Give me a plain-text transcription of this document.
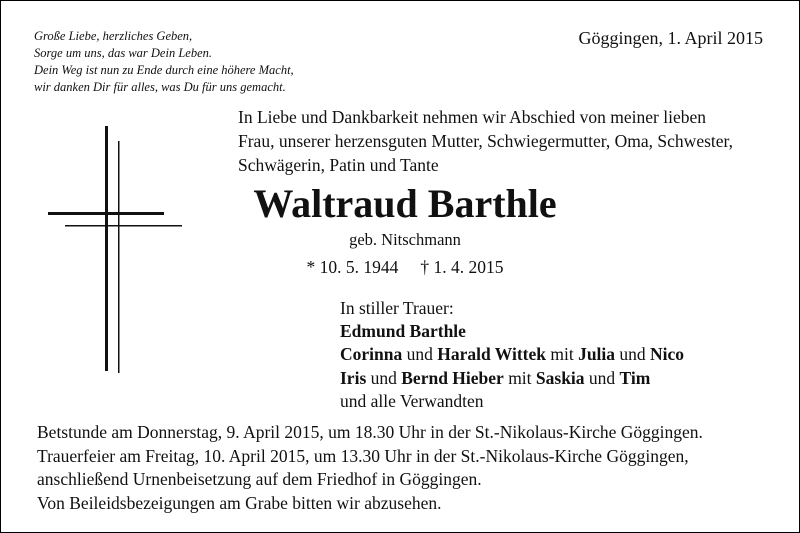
Große Liebe, herzliches Geben,
Sorge um uns, das war Dein Leben.
Dein Weg ist nun zu Ende durch eine höhere Macht,
wir danken Dir für alles, was Du für uns gemacht.
Göggingen, 1. April 2015
In Liebe und Dankbarkeit nehmen wir Abschied von meiner lieben
Frau, unserer herzensguten Mutter, Schwiegermutter, Oma, Schwester,
Schwägerin, Patin und Tante
Waltraud Barthle
geb. Nitschmann
* 10. 5. 1944 † 1. 4. 2015
In stiller Trauer:
Edmund Barthle
Corinna und Harald Wittek mit Julia und Nico
Iris und Bernd Hieber mit Saskia und Tim
und alle Verwandten
Betstunde am Donnerstag, 9. April 2015, um 18.30 Uhr in der St.-Nikolaus-Kirche Göggingen.
Trauerfeier am Freitag, 10. April 2015, um 13.30 Uhr in der St.-Nikolaus-Kirche Göggingen,
anschließend Urnenbeisetzung auf dem Friedhof in Göggingen.
Von Beileidsbezeigungen am Grabe bitten wir abzusehen.
